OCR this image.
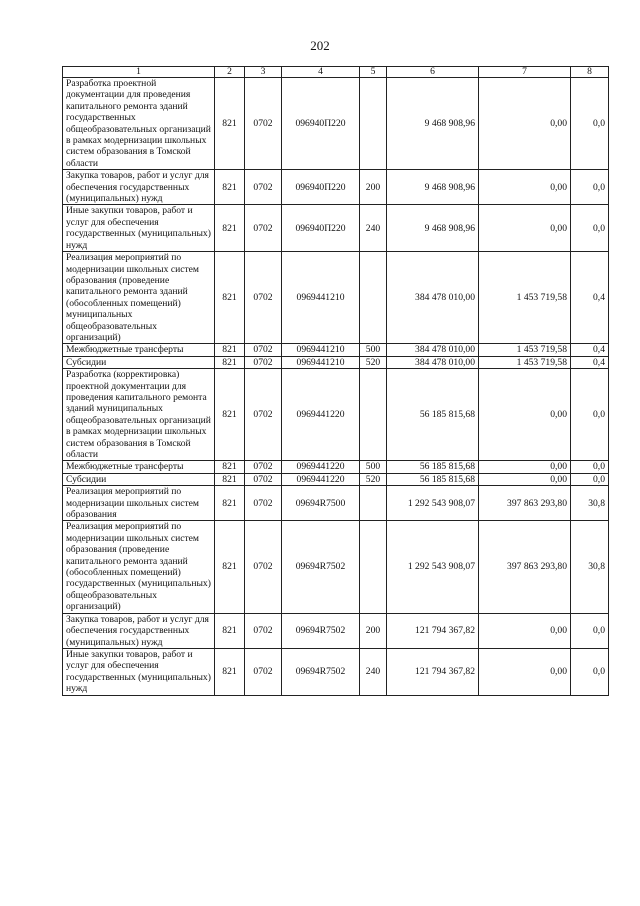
202
1	2	3	4	5	6	7	8
Разработка проектной документации для проведения капитального ремонта зданий государственных общеобразовательных организаций в рамках модернизации школьных систем образования в Томской области	821	0702	096940П220		9 468 908,96	0,00	0,0
Закупка товаров, работ и услуг для обеспечения государственных (муниципальных) нужд	821	0702	096940П220	200	9 468 908,96	0,00	0,0
Иные закупки товаров, работ и услуг для обеспечения государственных (муниципальных) нужд	821	0702	096940П220	240	9 468 908,96	0,00	0,0
Реализация мероприятий по модернизации школьных систем образования (проведение капитального ремонта зданий (обособленных помещений) муниципальных общеобразовательных организаций)	821	0702	0969441210		384 478 010,00	1 453 719,58	0,4
Межбюджетные трансферты	821	0702	0969441210	500	384 478 010,00	1 453 719,58	0,4
Субсидии	821	0702	0969441210	520	384 478 010,00	1 453 719,58	0,4
Разработка (корректировка) проектной документации для проведения капитального ремонта зданий муниципальных общеобразовательных организаций в рамках модернизации школьных систем образования в Томской области	821	0702	0969441220		56 185 815,68	0,00	0,0
Межбюджетные трансферты	821	0702	0969441220	500	56 185 815,68	0,00	0,0
Субсидии	821	0702	0969441220	520	56 185 815,68	0,00	0,0
Реализация мероприятий по модернизации школьных систем образования	821	0702	09694R7500		1 292 543 908,07	397 863 293,80	30,8
Реализация мероприятий по модернизации школьных систем образования (проведение капитального ремонта зданий (обособленных помещений) государственных (муниципальных) общеобразовательных организаций)	821	0702	09694R7502		1 292 543 908,07	397 863 293,80	30,8
Закупка товаров, работ и услуг для обеспечения государственных (муниципальных) нужд	821	0702	09694R7502	200	121 794 367,82	0,00	0,0
Иные закупки товаров, работ и услуг для обеспечения государственных (муниципальных) нужд	821	0702	09694R7502	240	121 794 367,82	0,00	0,0
